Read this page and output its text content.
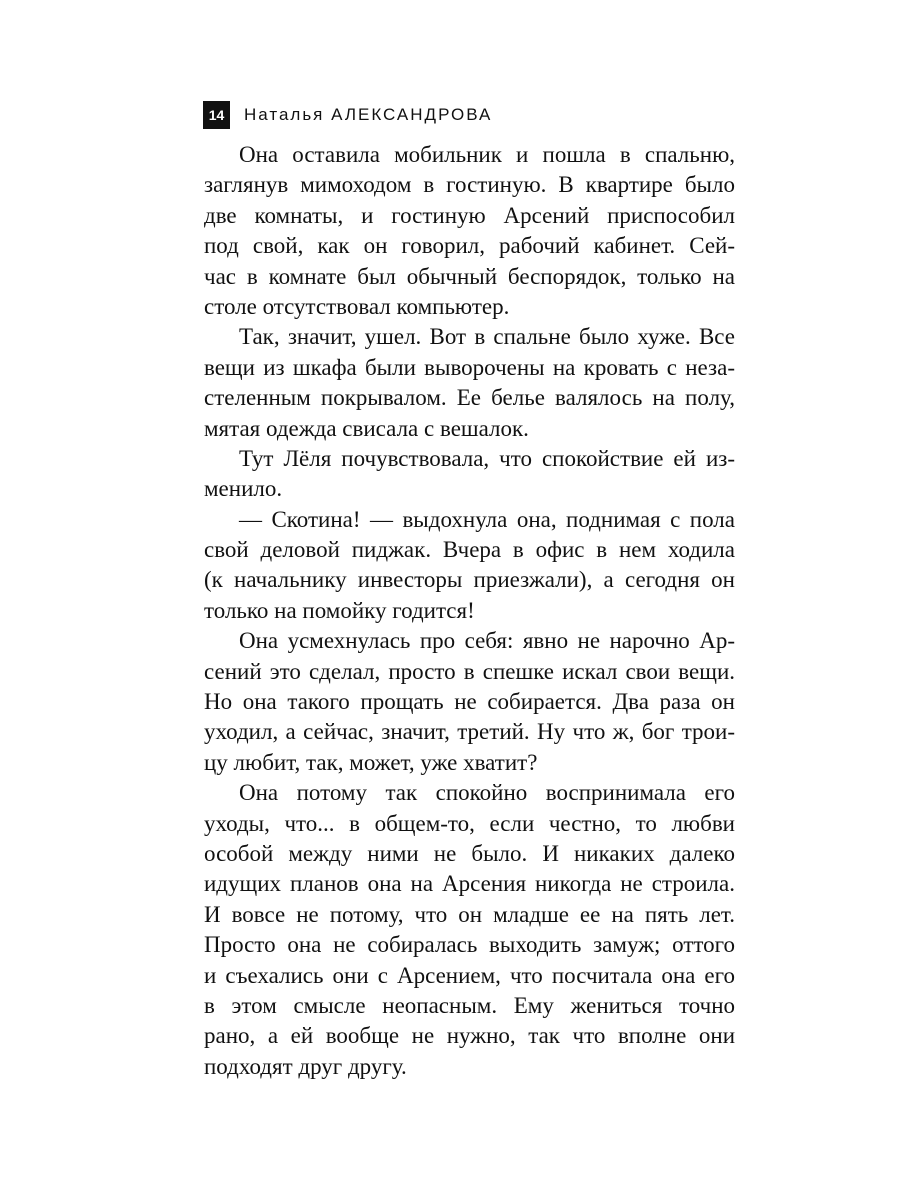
14	Наталья АЛЕКСАНДРОВА
Она оставила мобильник и пошла в спальню,
заглянув мимоходом в гостиную. В квартире было
две комнаты, и гостиную Арсений приспособил
под свой, как он говорил, рабочий кабинет. Сей-
час в комнате был обычный беспорядок, только на
столе отсутствовал компьютер.
Так, значит, ушел. Вот в спальне было хуже. Все
вещи из шкафа были выворочены на кровать с неза-
стеленным покрывалом. Ее белье валялось на полу,
мятая одежда свисала с вешалок.
Тут Лёля почувствовала, что спокойствие ей из-
менило.
— Скотина! — выдохнула она, поднимая с пола
свой деловой пиджак. Вчера в офис в нем ходила
(к начальнику инвесторы приезжали), а сегодня он
только на помойку годится!
Она усмехнулась про себя: явно не нарочно Ар-
сений это сделал, просто в спешке искал свои вещи.
Но она такого прощать не собирается. Два раза он
уходил, а сейчас, значит, третий. Ну что ж, бог трои-
цу любит, так, может, уже хватит?
Она потому так спокойно воспринимала его
уходы, что... в общем-то, если честно, то любви
особой между ними не было. И никаких далеко
идущих планов она на Арсения никогда не строила.
И вовсе не потому, что он младше ее на пять лет.
Просто она не собиралась выходить замуж; оттого
и съехались они с Арсением, что посчитала она его
в этом смысле неопасным. Ему жениться точно
рано, а ей вообще не нужно, так что вполне они
подходят друг другу.
